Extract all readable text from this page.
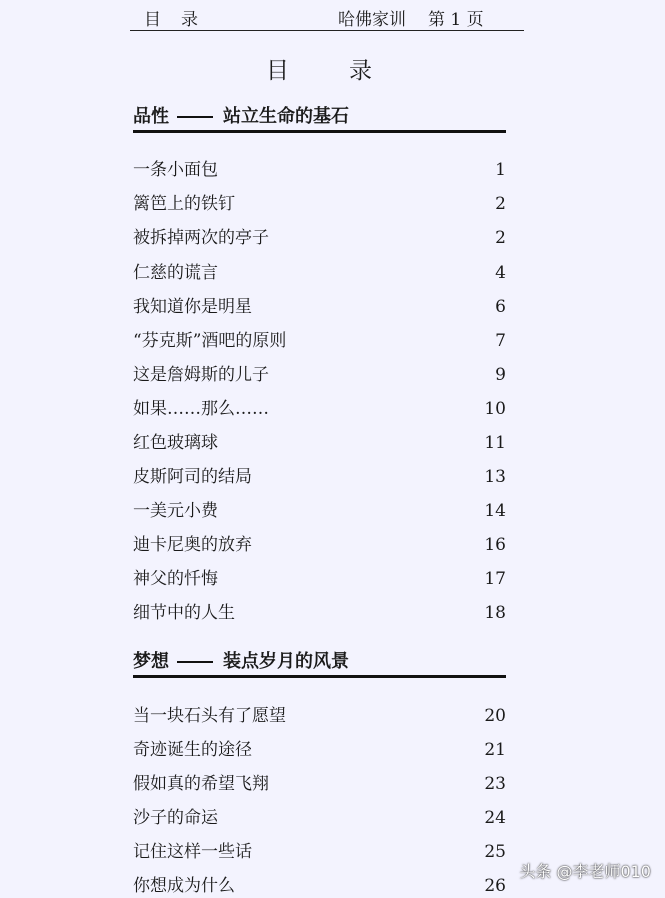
目录	哈佛家训 第 1 页
目录
品性	站立生命的基石
一条小面包	1
篱笆上的铁钉	2
被拆掉两次的亭子	2
仁慈的谎言	4
我知道你是明星	6
“芬克斯”酒吧的原则	7
这是詹姆斯的儿子	9
如果……那么……	10
红色玻璃球	11
皮斯阿司的结局	13
一美元小费	14
迪卡尼奥的放弃	16
神父的忏悔	17
细节中的人生	18
梦想	装点岁月的风景
当一块石头有了愿望	20
奇迹诞生的途径	21
假如真的希望飞翔	23
沙子的命运	24
记住这样一些话	25
你想成为什么	26
头条 @李老师010
